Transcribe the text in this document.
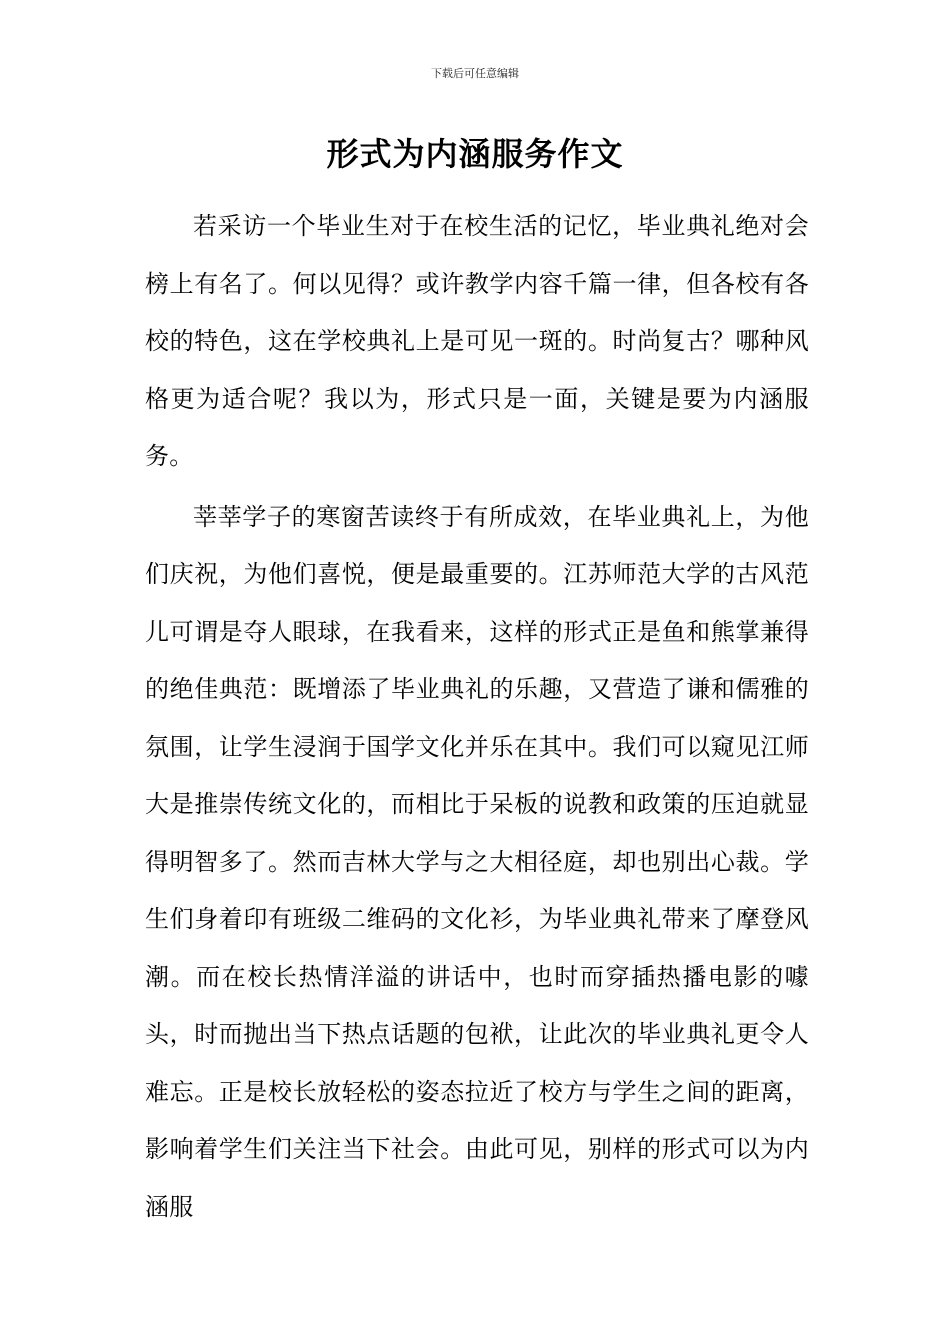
下载后可任意编辑
形式为内涵服务作文

若采访一个毕业生对于在校生活的记忆，毕业典礼绝对会榜上有名了。何以见得？或许教学内容千篇一律，但各校有各校的特色，这在学校典礼上是可见一斑的。时尚复古？哪种风格更为适合呢？我以为，形式只是一面，关键是要为内涵服务。

莘莘学子的寒窗苦读终于有所成效，在毕业典礼上，为他们庆祝，为他们喜悦，便是最重要的。江苏师范大学的古风范儿可谓是夺人眼球，在我看来，这样的形式正是鱼和熊掌兼得的绝佳典范：既增添了毕业典礼的乐趣，又营造了谦和儒雅的氛围，让学生浸润于国学文化并乐在其中。我们可以窥见江师大是推崇传统文化的，而相比于呆板的说教和政策的压迫就显得明智多了。然而吉林大学与之大相径庭，却也别出心裁。学生们身着印有班级二维码的文化衫，为毕业典礼带来了摩登风潮。而在校长热情洋溢的讲话中，也时而穿插热播电影的噱头，时而抛出当下热点话题的包袱，让此次的毕业典礼更令人难忘。正是校长放轻松的姿态拉近了校方与学生之间的距离，影响着学生们关注当下社会。由此可见，别样的形式可以为内涵服
